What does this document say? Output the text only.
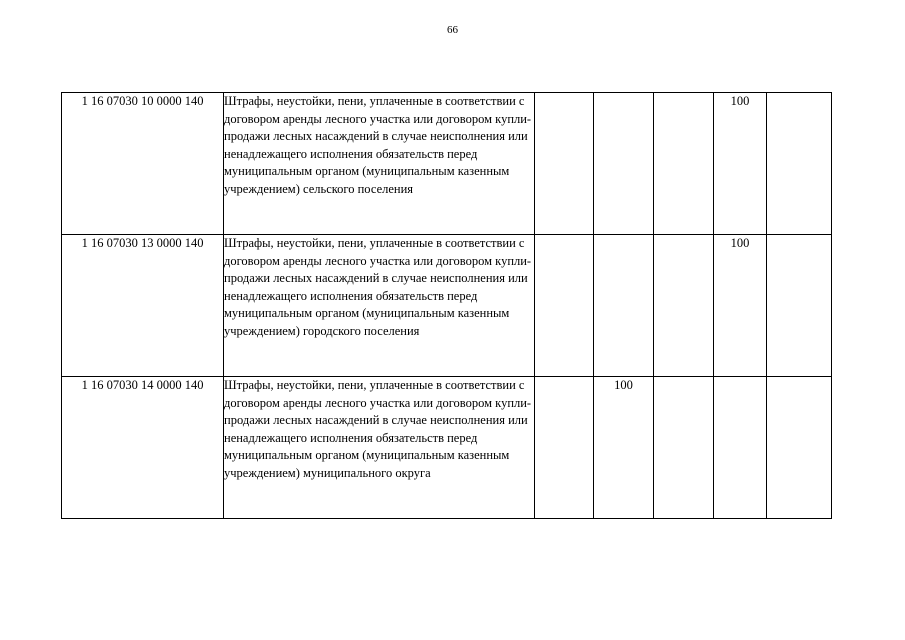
66
1 16 07030 10 0000 140	Штрафы, неустойки, пени, уплаченные в соответствии с договором аренды лесного участка или договором купли-продажи лесных насаждений в случае неисполнения или ненадлежащего исполнения обязательств перед муниципальным органом (муниципальным казенным учреждением) сельского поселения				100	
1 16 07030 13 0000 140	Штрафы, неустойки, пени, уплаченные в соответствии с договором аренды лесного участка или договором купли-продажи лесных насаждений в случае неисполнения или ненадлежащего исполнения обязательств перед муниципальным органом (муниципальным казенным учреждением) городского поселения				100	
1 16 07030 14 0000 140	Штрафы, неустойки, пени, уплаченные в соответствии с договором аренды лесного участка или договором купли-продажи лесных насаждений в случае неисполнения или ненадлежащего исполнения обязательств перед муниципальным органом (муниципальным казенным учреждением) муниципального округа		100			
